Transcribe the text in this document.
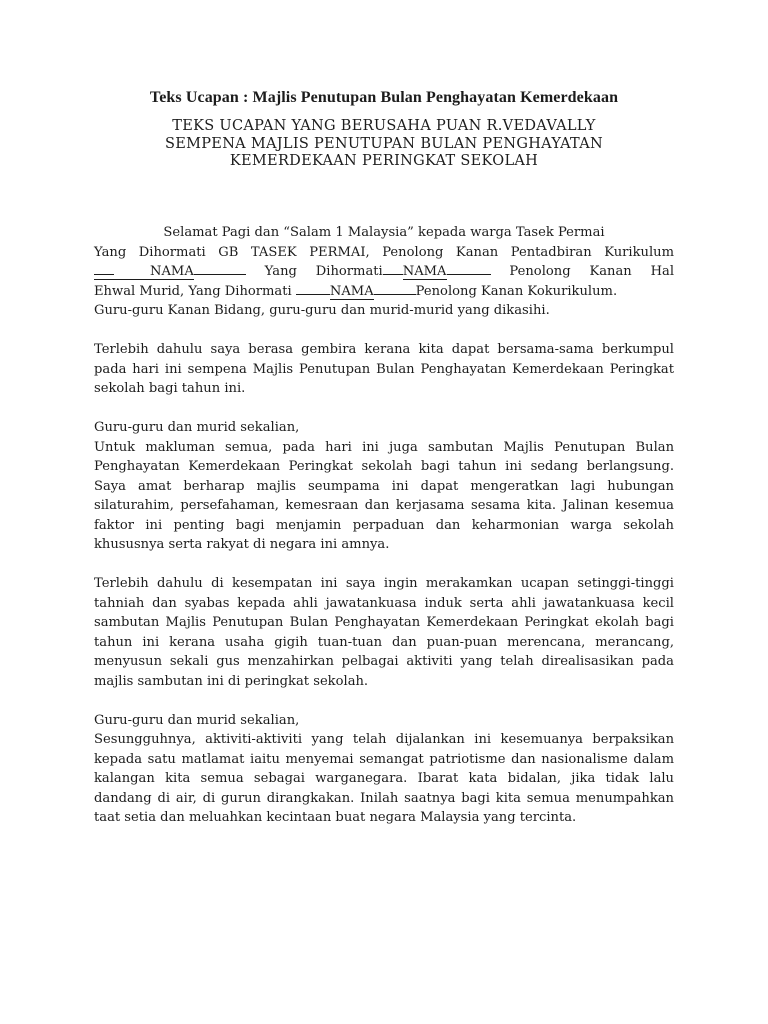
Teks Ucapan : Majlis Penutupan Bulan Penghayatan Kemerdekaan
TEKS UCAPAN YANG BERUSAHA PUAN R.VEDAVALLY
SEMPENA MAJLIS PENUTUPAN BULAN PENGHAYATAN
KEMERDEKAAN PERINGKAT SEKOLAH

Selamat Pagi dan “Salam 1 Malaysia” kepada warga Tasek Permai

Yang Dihormati GB TASEK PERMAI, Penolong Kanan Pentadbiran Kurikulum

NAMA	Yang Dihormati NAMA	Penolong Kanan Hal

Ehwal Murid, Yang Dihormati	NAMA	Penolong Kanan Kokurikulum.

Guru-guru Kanan Bidang, guru-guru dan murid-murid yang dikasihi.

Terlebih dahulu saya berasa gembira kerana kita dapat bersama-sama berkumpul pada hari ini sempena Majlis Penutupan Bulan Penghayatan Kemerdekaan Peringkat sekolah bagi tahun ini.

Guru-guru dan murid sekalian,

Untuk makluman semua, pada hari ini juga sambutan Majlis Penutupan Bulan Penghayatan Kemerdekaan Peringkat sekolah bagi tahun ini sedang berlangsung. Saya amat berharap majlis seumpama ini dapat mengeratkan lagi hubungan silaturahim, persefahaman, kemesraan dan kerjasama sesama kita. Jalinan kesemua faktor ini penting bagi menjamin perpaduan dan keharmonian warga sekolah khususnya serta rakyat di negara ini amnya.

Terlebih dahulu di kesempatan ini saya ingin merakamkan ucapan setinggi-tinggi tahniah dan syabas kepada ahli jawatankuasa induk serta ahli jawatankuasa kecil sambutan Majlis Penutupan Bulan Penghayatan Kemerdekaan Peringkat ekolah bagi tahun ini kerana usaha gigih tuan-tuan dan puan-puan merencana, merancang, menyusun sekali gus menzahirkan pelbagai aktiviti yang telah direalisasikan pada majlis sambutan ini di peringkat sekolah.

Guru-guru dan murid sekalian,

Sesungguhnya, aktiviti-aktiviti yang telah dijalankan ini kesemuanya berpaksikan kepada satu matlamat iaitu menyemai semangat patriotisme dan nasionalisme dalam kalangan kita semua sebagai warganegara. Ibarat kata bidalan, jika tidak lalu dandang di air, di gurun dirangkakan. Inilah saatnya bagi kita semua menumpahkan taat setia dan meluahkan kecintaan buat negara Malaysia yang tercinta.
